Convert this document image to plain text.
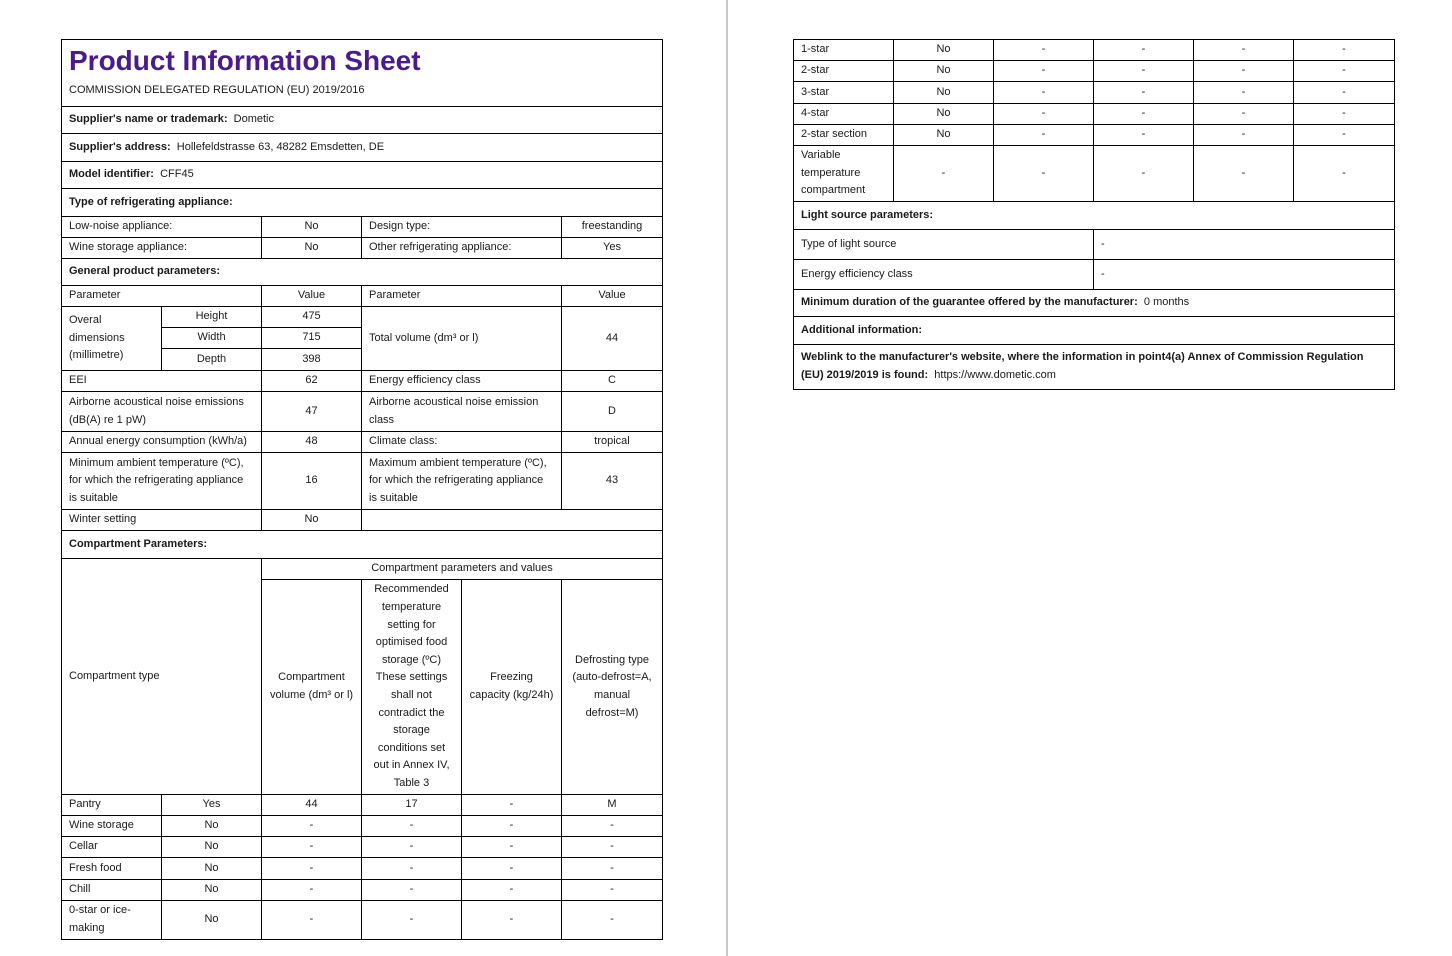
Product Information Sheet
COMMISSION DELEGATED REGULATION (EU) 2019/2016					

Supplier's name or trademark: Dometic					
Supplier's address: Hollefeldstrasse 63, 48282 Emsdetten, DE					
Model identifier: CFF45					
Type of refrigerating appliance:					
Low-noise appliance:		No	Design type:		freestanding
Wine storage appliance:		No	Other refrigerating appliance:		Yes
General product parameters:					
Parameter		Value	Parameter		Value
Overal dimensions (millimetre)	Height	475	Total volume (dm³ or l)		44
	Width	715			
	Depth	398			
EEI		62	Energy efficiency class		C
Airborne acoustical noise emissions (dB(A) re 1 pW)		47	Airborne acoustical noise emission class		D
Annual energy consumption (kWh/a)		48	Climate class:		tropical
Minimum ambient temperature (ºC), for which the refrigerating appliance is suitable		16	Maximum ambient temperature (ºC), for which the refrigerating appliance is suitable		43
Winter setting		No			
Compartment Parameters:					
Compartment type		Compartment parameters and values			
		Compartment volume (dm³ or l)	Recommended temperature setting for optimised food storage (ºC) These settings shall not contradict the storage conditions set out in Annex IV, Table 3	Freezing capacity (kg/24h)	Defrosting type (auto-defrost=A, manual defrost=M)
Pantry	Yes	44	17	-	M
Wine storage	No	-	-	-	-
Cellar	No	-	-	-	-
Fresh food	No	-	-	-	-
Chill	No	-	-	-	-
0-star or ice-making	No	-	-	-	-
1-star	No	-	-	-	-
2-star	No	-	-	-	-
3-star	No	-	-	-	-
4-star	No	-	-	-	-
2-star section	No	-	-	-	-
Variable temperature compartment	-	-	-	-	-
Light source parameters:					
Type of light source			-		
Energy efficiency class			-		
Minimum duration of the guarantee offered by the manufacturer: 0 months					
Additional information:					
Weblink to the manufacturer's website, where the information in point4(a) Annex of Commission Regulation (EU) 2019/2019 is found: https://www.dometic.com					
